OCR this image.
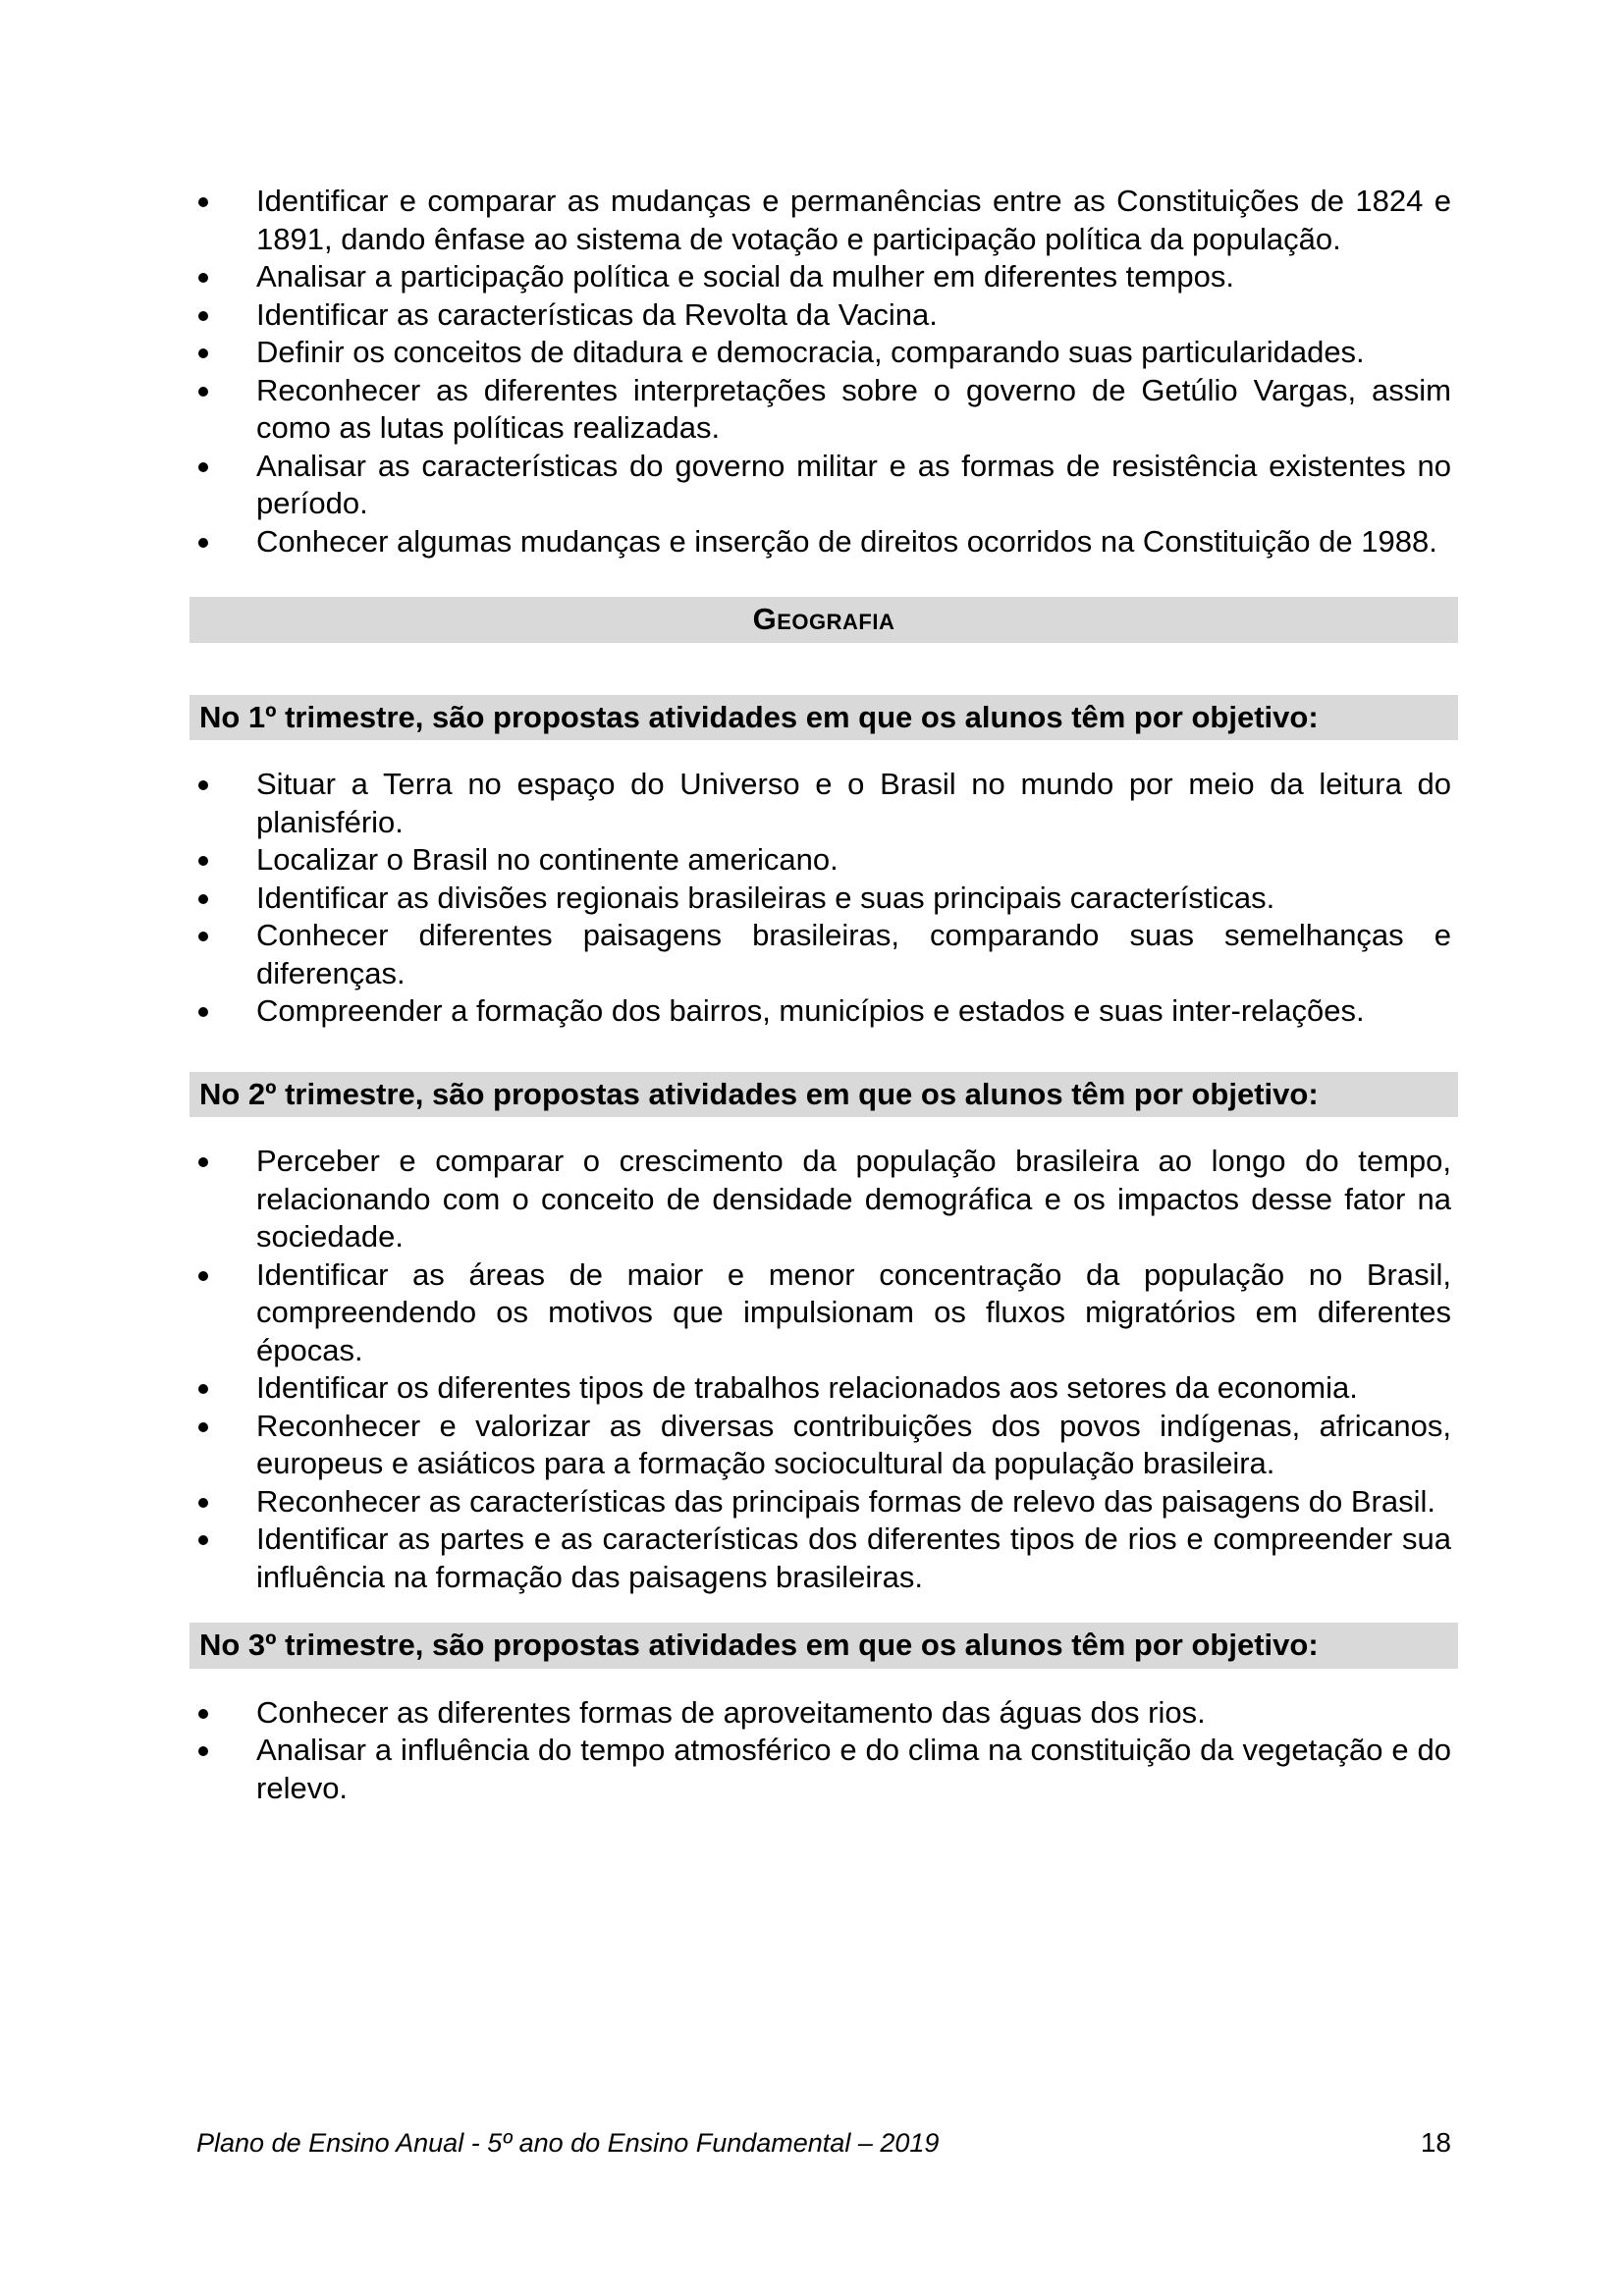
Identificar e comparar as mudanças e permanências entre as Constituições de 1824 e 1891, dando ênfase ao sistema de votação e participação política da população.
Analisar a participação política e social da mulher em diferentes tempos.
Identificar as características da Revolta da Vacina.
Definir os conceitos de ditadura e democracia, comparando suas particularidades.
Reconhecer as diferentes interpretações sobre o governo de Getúlio Vargas, assim como as lutas políticas realizadas.
Analisar as características do governo militar e as formas de resistência existentes no período.
Conhecer algumas mudanças e inserção de direitos ocorridos na Constituição de 1988.
Geografia
No 1º trimestre, são propostas atividades em que os alunos têm por objetivo:
Situar a Terra no espaço do Universo e o Brasil no mundo por meio da leitura do planisfério.
Localizar o Brasil no continente americano.
Identificar as divisões regionais brasileiras e suas principais características.
Conhecer diferentes paisagens brasileiras, comparando suas semelhanças e diferenças.
Compreender a formação dos bairros, municípios e estados e suas inter-relações.
No 2º trimestre, são propostas atividades em que os alunos têm por objetivo:
Perceber e comparar o crescimento da população brasileira ao longo do tempo, relacionando com o conceito de densidade demográfica e os impactos desse fator na sociedade.
Identificar as áreas de maior e menor concentração da população no Brasil, compreendendo os motivos que impulsionam os fluxos migratórios em diferentes épocas.
Identificar os diferentes tipos de trabalhos relacionados aos setores da economia.
Reconhecer e valorizar as diversas contribuições dos povos indígenas, africanos, europeus e asiáticos para a formação sociocultural da população brasileira.
Reconhecer as características das principais formas de relevo das paisagens do Brasil.
Identificar as partes e as características dos diferentes tipos de rios e compreender sua influência na formação das paisagens brasileiras.
No 3º trimestre, são propostas atividades em que os alunos têm por objetivo:
Conhecer as diferentes formas de aproveitamento das águas dos rios.
Analisar a influência do tempo atmosférico e do clima na constituição da vegetação e do relevo.
Plano de Ensino Anual - 5º ano do Ensino Fundamental – 2019	18
